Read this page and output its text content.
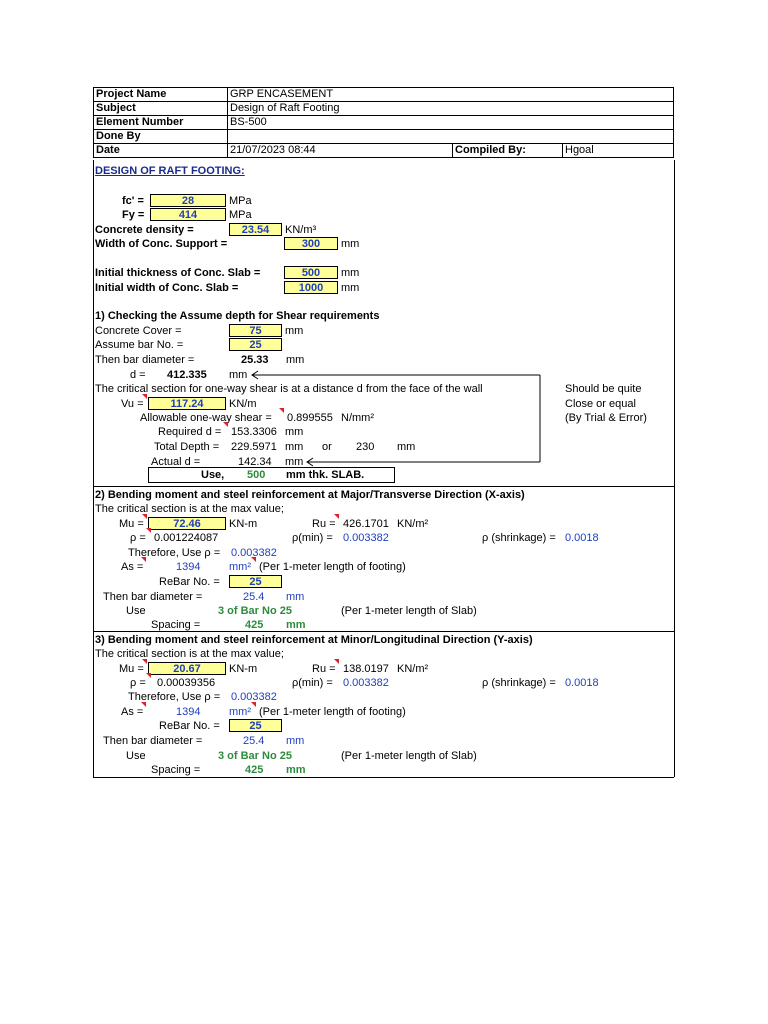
Project Name	GRP ENCASEMENT		
Subject	Design of Raft Footing		
Element Number	BS-500		
Done By			
Date	21/07/2023 08:44	Compiled By:	Hgoal
DESIGN OF RAFT FOOTING:
fc' =	28	MPa
Fy =	414	MPa
Concrete density =	23.54	KN/m³
Width of Conc. Support =	300	mm
Initial thickness of Conc. Slab =	500	mm
Initial width of Conc. Slab =	1000	mm
1) Checking the Assume depth for Shear requirements
Concrete Cover =	75	mm
Assume bar No. =	25
Then bar diameter =	25.33 mm
d = 412.335 mm
The critical section for one-way shear is at a distance d from the face of the wall	Should be quite
Close or equal
(By Trial & Error)
Vu =	117.24	KN/m
Allowable one-way shear = 0.899555 N/mm²
Required d = 153.3306 mm
Total Depth = 229.5971 mm or 230 mm
Actual d =	142.34 mm
Use, 500 mm thk. SLAB.
2) Bending moment and steel reinforcement at Major/Transverse Direction (X-axis)
The critical section is at the max value;
Mu =	72.46	KN-m	Ru = 426.1701 KN/m²
ρ = 0.001224087	ρ(min) = 0.003382	ρ (shrinkage) = 0.0018
Therefore, Use ρ = 0.003382
As =	1394	mm² (Per 1-meter length of footing)
ReBar No. =	25
Then bar diameter =	25.4 mm
Use	3 of Bar No 25	(Per 1-meter length of Slab)
Spacing =	425 mm
3) Bending moment and steel reinforcement at Minor/Longitudinal Direction (Y-axis)
The critical section is at the max value;
Mu =	20.67	KN-m	Ru = 138.0197 KN/m²
ρ = 0.00039356	ρ(min) = 0.003382	ρ (shrinkage) = 0.0018
Therefore, Use ρ = 0.003382
As =	1394	mm² (Per 1-meter length of footing)
ReBar No. =	25
Then bar diameter =	25.4 mm
Use	3 of Bar No 25	(Per 1-meter length of Slab)
Spacing =	425 mm
